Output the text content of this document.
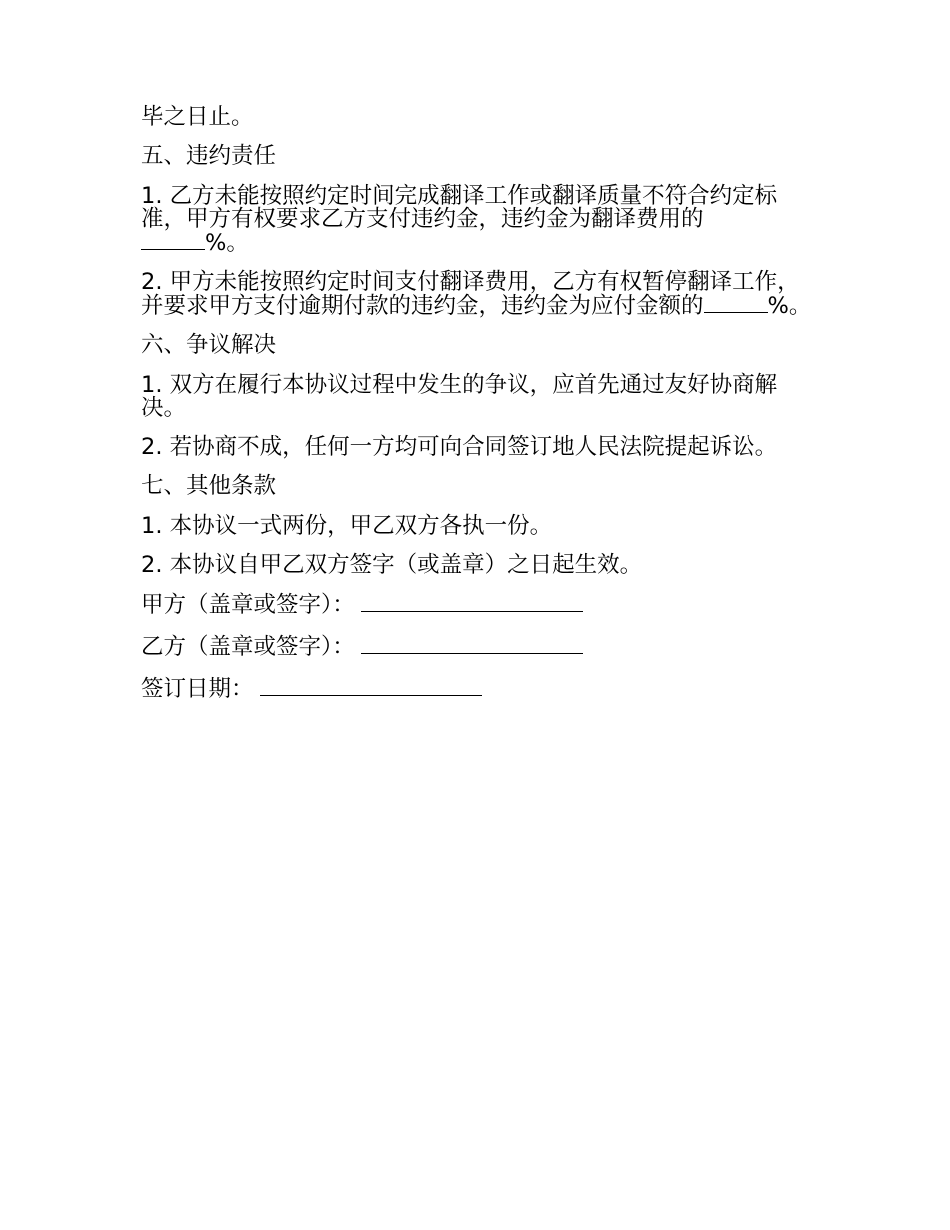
毕之日止。

五、违约责任

1. 乙方未能按照约定时间完成翻译工作或翻译质量不符合约定标准，甲方有权要求乙方支付违约金，违约金为翻译费用的
%。

2. 甲方未能按照约定时间支付翻译费用，乙方有权暂停翻译工作，并要求甲方支付逾期付款的违约金，违约金为应付金额的	%。

六、争议解决

1. 双方在履行本协议过程中发生的争议，应首先通过友好协商解决。

2. 若协商不成，任何一方均可向合同签订地人民法院提起诉讼。

七、其他条款

1. 本协议一式两份，甲乙双方各执一份。

2. 本协议自甲乙双方签字（或盖章）之日起生效。

甲方（盖章或签字）：

乙方（盖章或签字）：

签订日期：
